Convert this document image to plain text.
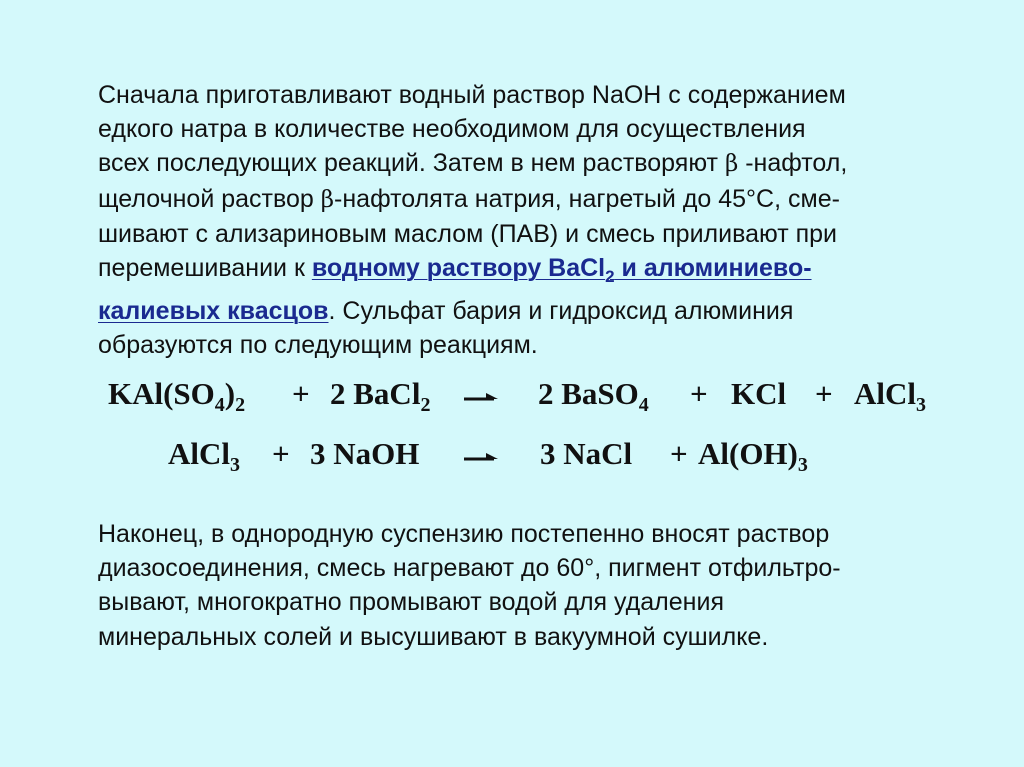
Сначала приготавливают водный раствор NaOH с содержанием
едкого натра в количестве необходимом для осуществления
всех последующих реакций. Затем в нем растворяют β -нафтол,
щелочной раствор β-нафтолята натрия, нагретый до 45°С, сме-
шивают с ализариновым маслом (ПАВ) и смесь приливают при
перемешивании к водному раствору BaCl$_2$ и алюминиево-
калиевых квасцов. Сульфат бария и гидроксид алюминия
образуются по следующим реакциям.

$KAl(SO_4)_2 + 2$ BaCl$_2$ → 2 BaSO$_4$ + KCl + AlCl$_3$
AlCl$_3$ + 3 NaOH → 3 NaCl + $Al(OH)_3$

Наконец, в однородную суспензию постепенно вносят раствор
диазосоединения, смесь нагревают до 60°, пигмент отфильтро-
вывают, многократно промывают водой для удаления
минеральных солей и высушивают в вакуумной сушилке.
